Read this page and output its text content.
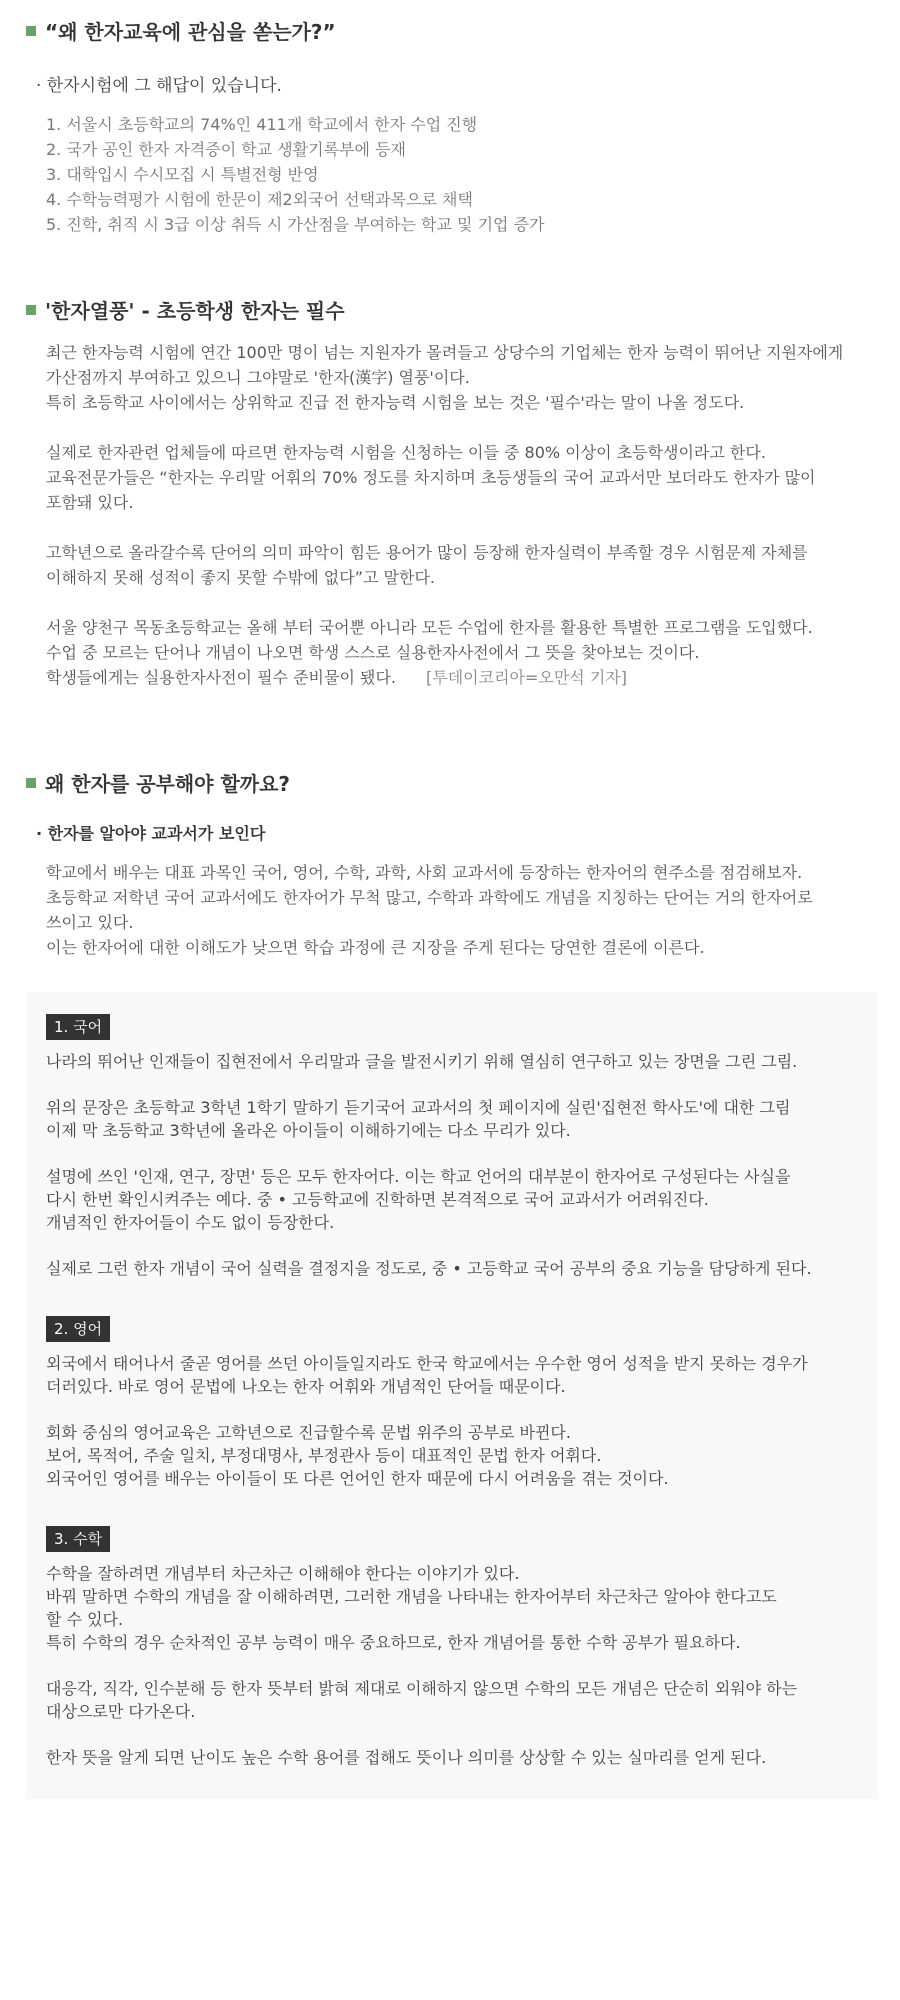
“왜 한자교육에 관심을 쏟는가?”

· 한자시험에 그 해답이 있습니다.

1. 서울시 초등학교의 74%인 411개 학교에서 한자 수업 진행
2. 국가 공인 한자 자격증이 학교 생활기록부에 등재
3. 대학입시 수시모집 시 특별전형 반영
4. 수학능력평가 시험에 한문이 제2외국어 선택과목으로 채택
5. 진학, 취직 시 3급 이상 취득 시 가산점을 부여하는 학교 및 기업 증가
'한자열풍' - 초등학생 한자는 필수

최근 한자능력 시험에 연간 100만 명이 넘는 지원자가 몰려들고 상당수의 기업체는 한자 능력이 뛰어난 지원자에게
가산점까지 부여하고 있으니 그야말로 '한자(漢字) 열풍'이다.
특히 초등학교 사이에서는 상위학교 진급 전 한자능력 시험을 보는 것은 '필수'라는 말이 나올 정도다.

실제로 한자관련 업체들에 따르면 한자능력 시험을 신청하는 이들 중 80% 이상이 초등학생이라고 한다.
교육전문가들은 “한자는 우리말 어휘의 70% 정도를 차지하며 초등생들의 국어 교과서만 보더라도 한자가 많이
포함돼 있다.

고학년으로 올라갈수록 단어의 의미 파악이 힘든 용어가 많이 등장해 한자실력이 부족할 경우 시험문제 자체를
이해하지 못해 성적이 좋지 못할 수밖에 없다”고 말한다.

서울 양천구 목동초등학교는 올해 부터 국어뿐 아니라 모든 수업에 한자를 활용한 특별한 프로그램을 도입했다.
수업 중 모르는 단어나 개념이 나오면 학생 스스로 실용한자사전에서 그 뜻을 찾아보는 것이다.
학생들에게는 실용한자사전이 필수 준비물이 됐다. [투데이코리아=오만석 기자]

왜 한자를 공부해야 할까요?

· 한자를 알아야 교과서가 보인다

학교에서 배우는 대표 과목인 국어, 영어, 수학, 과학, 사회 교과서에 등장하는 한자어의 현주소를 점검해보자.
초등학교 저학년 국어 교과서에도 한자어가 무척 많고, 수학과 과학에도 개념을 지칭하는 단어는 거의 한자어로
쓰이고 있다.
이는 한자어에 대한 이해도가 낮으면 학습 과정에 큰 지장을 주게 된다는 당연한 결론에 이른다.

1. 국어

나라의 뛰어난 인재들이 집현전에서 우리말과 글을 발전시키기 위해 열심히 연구하고 있는 장면을 그린 그림.

위의 문장은 초등학교 3학년 1학기 말하기 듣기국어 교과서의 첫 페이지에 실린'집현전 학사도'에 대한 그림
이제 막 초등학교 3학년에 올라온 아이들이 이해하기에는 다소 무리가 있다.

설명에 쓰인 '인재, 연구, 장면' 등은 모두 한자어다. 이는 학교 언어의 대부분이 한자어로 구성된다는 사실을
다시 한번 확인시켜주는 예다. 중 • 고등학교에 진학하면 본격적으로 국어 교과서가 어려워진다.
개념적인 한자어들이 수도 없이 등장한다.

실제로 그런 한자 개념이 국어 실력을 결정지을 정도로, 중 • 고등학교 국어 공부의 중요 기능을 담당하게 된다.

2. 영어

외국에서 태어나서 줄곧 영어를 쓰던 아이들일지라도 한국 학교에서는 우수한 영어 성적을 받지 못하는 경우가
더러있다. 바로 영어 문법에 나오는 한자 어휘와 개념적인 단어들 때문이다.

회화 중심의 영어교육은 고학년으로 진급할수록 문법 위주의 공부로 바뀐다.
보어, 목적어, 주술 일치, 부정대명사, 부정관사 등이 대표적인 문법 한자 어휘다.
외국어인 영어를 배우는 아이들이 또 다른 언어인 한자 때문에 다시 어려움을 겪는 것이다.

3. 수학

수학을 잘하려면 개념부터 차근차근 이해해야 한다는 이야기가 있다.
바꿔 말하면 수학의 개념을 잘 이해하려면, 그러한 개념을 나타내는 한자어부터 차근차근 알아야 한다고도
할 수 있다.
특히 수학의 경우 순차적인 공부 능력이 매우 중요하므로, 한자 개념어를 통한 수학 공부가 필요하다.

대응각, 직각, 인수분해 등 한자 뜻부터 밝혀 제대로 이해하지 않으면 수학의 모든 개념은 단순히 외워야 하는
대상으로만 다가온다.

한자 뜻을 알게 되면 난이도 높은 수학 용어를 접해도 뜻이나 의미를 상상할 수 있는 실마리를 얻게 된다.
